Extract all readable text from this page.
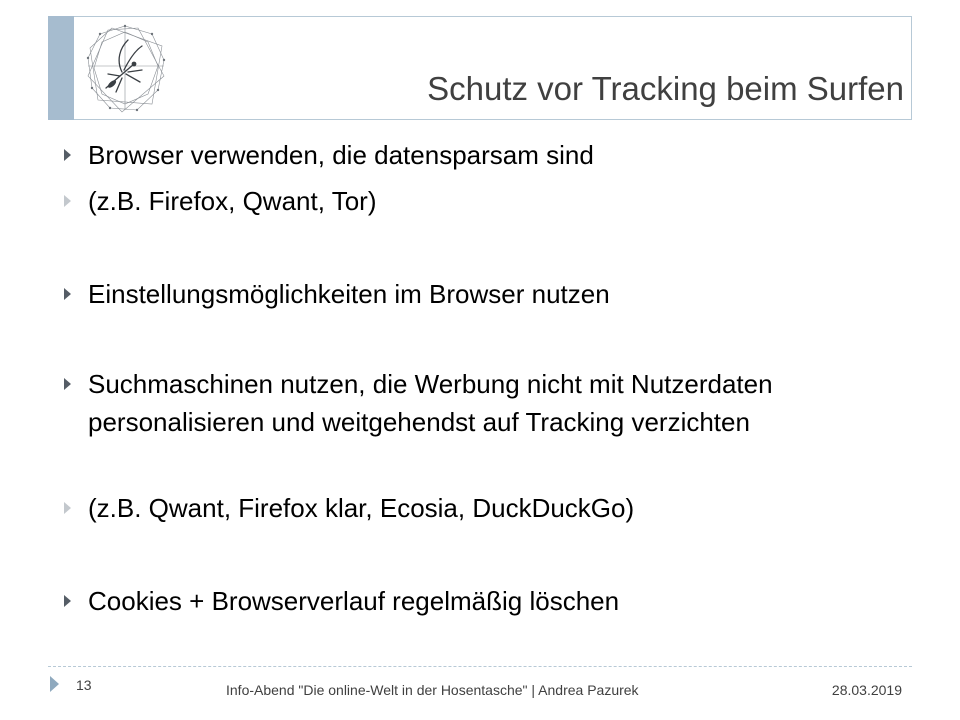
Schutz vor Tracking beim Surfen
Browser verwenden, die datensparsam sind
(z.B. Firefox, Qwant, Tor)
Einstellungsmöglichkeiten im Browser nutzen
Suchmaschinen nutzen, die Werbung nicht mit Nutzerdaten personalisieren und weitgehendst auf Tracking verzichten
(z.B. Qwant, Firefox klar, Ecosia, DuckDuckGo)
Cookies + Browserverlauf regelmäßig löschen
13	Info-Abend "Die online-Welt in der Hosentasche" | Andrea Pazurek	28.03.2019
